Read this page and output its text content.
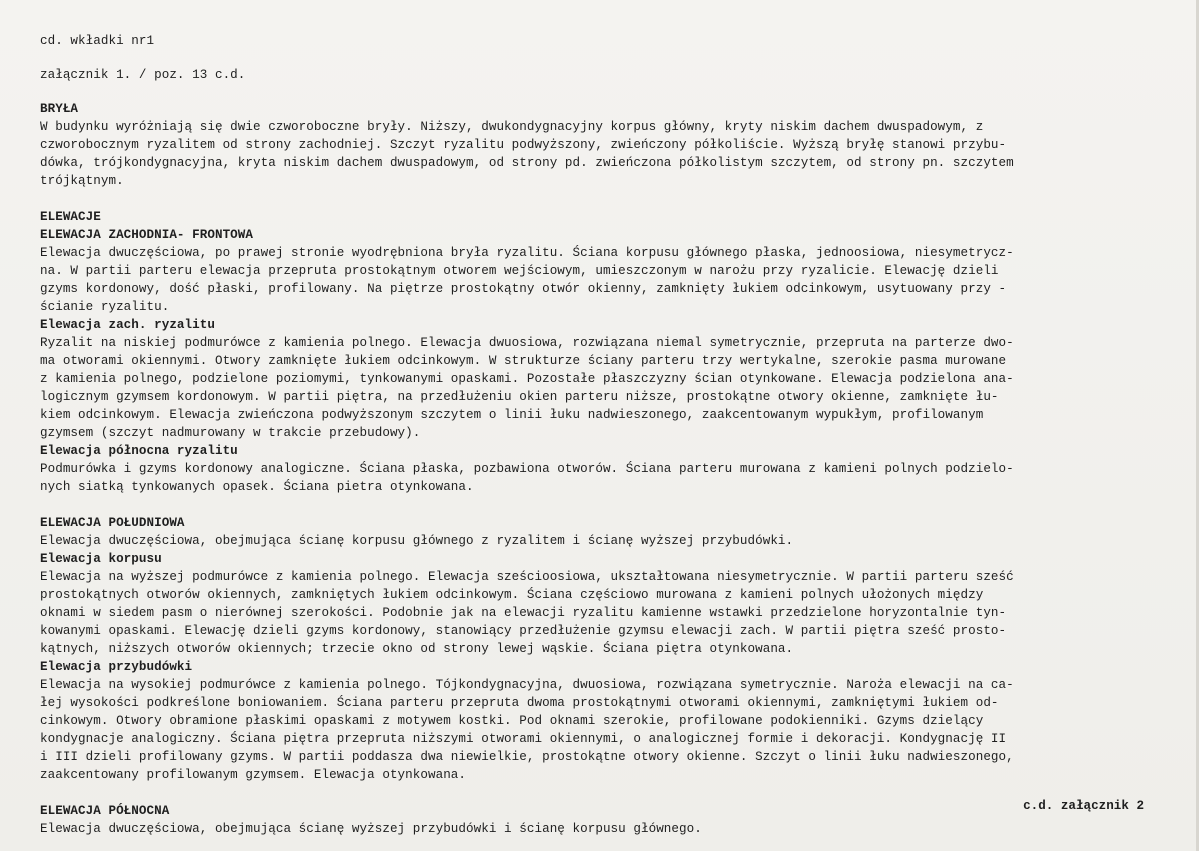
cd. wkładki nr1
załącznik 1. / poz. 13 c.d.
BRYŁA
W budynku wyróżniają się dwie czworoboczne bryły. Niższy, dwukondygnacyjny korpus główny, kryty niskim dachem dwuspadowym, z
czworobocznym ryzalitem od strony zachodniej. Szczyt ryzalitu podwyższony, zwieńczony półkoliście. Wyższą bryłę stanowi przybu-
dówka, trójkondygnacyjna, kryta niskim dachem dwuspadowym, od strony pd. zwieńczona półkolistym szczytem, od strony pn. szczytem
trójkątnym.
ELEWACJE
ELEWACJA ZACHODNIA- FRONTOWA
Elewacja dwuczęściowa, po prawej stronie wyodrębniona bryła ryzalitu. Ściana korpusu głównego płaska, jednoosiowa, niesymetrycz-
na. W partii parteru elewacja przepruta prostokątnym otworem wejściowym, umieszczonym w narożu przy ryzalicie. Elewację dzieli
gzyms kordonowy, dość płaski, profilowany. Na piętrze prostokątny otwór okienny, zamknięty łukiem odcinkowym, usytuowany przy -
ścianie ryzalitu.
Elewacja zach. ryzalitu
Ryzalit na niskiej podmurówce z kamienia polnego. Elewacja dwuosiowa, rozwiązana niemal symetrycznie, przepruta na parterze dwo-
ma otworami okiennymi. Otwory zamknięte łukiem odcinkowym. W strukturze ściany parteru trzy wertykalne, szerokie pasma murowane
z kamienia polnego, podzielone poziomymi, tynkowanymi opaskami. Pozostałe płaszczyzny ścian otynkowane. Elewacja podzielona ana-
logicznym gzymsem kordonowym. W partii piętra, na przedłużeniu okien parteru niższe, prostokątne otwory okienne, zamknięte łu-
kiem odcinkowym. Elewacja zwieńczona podwyższonym szczytem o linii łuku nadwieszonego, zaakcentowanym wypukłym, profilowanym
gzymsem (szczyt nadmurowany w trakcie przebudowy).
Elewacja północna ryzalitu
Podmurówka i gzyms kordonowy analogiczne. Ściana płaska, pozbawiona otworów. Ściana parteru murowana z kamieni polnych podzielo-
nych siatką tynkowanych opasek. Ściana pietra otynkowana.
ELEWACJA POŁUDNIOWA
Elewacja dwuczęściowa, obejmująca ścianę korpusu głównego z ryzalitem i ścianę wyższej przybudówki.
Elewacja korpusu
Elewacja na wyższej podmurówce z kamienia polnego. Elewacja sześcioosiowa, ukształtowana niesymetrycznie. W partii parteru sześć
prostokątnych otworów okiennych, zamkniętych łukiem odcinkowym. Ściana częściowo murowana z kamieni polnych ułożonych między
oknami w siedem pasm o nierównej szerokości. Podobnie jak na elewacji ryzalitu kamienne wstawki przedzielone horyzontalnie tyn-
kowanymi opaskami. Elewację dzieli gzyms kordonowy, stanowiący przedłużenie gzymsu elewacji zach. W partii piętra sześć prosto-
kątnych, niższych otworów okiennych; trzecie okno od strony lewej wąskie. Ściana piętra otynkowana.
Elewacja przybudówki
Elewacja na wysokiej podmurówce z kamienia polnego. Tójkondygnacyjna, dwuosiowa, rozwiązana symetrycznie. Naroża elewacji na ca-
łej wysokości podkreślone boniowaniem. Ściana parteru przepruta dwoma prostokątnymi otworami okiennymi, zamkniętymi łukiem od-
cinkowym. Otwory obramione płaskimi opaskami z motywem kostki. Pod oknami szerokie, profilowane podokienniki. Gzyms dzielący
kondygnacje analogiczny. Ściana piętra przepruta niższymi otworami okiennymi, o analogicznej formie i dekoracji. Kondygnację II
i III dzieli profilowany gzyms. W partii poddasza dwa niewielkie, prostokątne otwory okienne. Szczyt o linii łuku nadwieszonego,
zaakcentowany profilowanym gzymsem. Elewacja otynkowana.
ELEWACJA PÓŁNOCNA
Elewacja dwuczęściowa, obejmująca ścianę wyższej przybudówki i ścianę korpusu głównego.
c.d. załącznik 2
